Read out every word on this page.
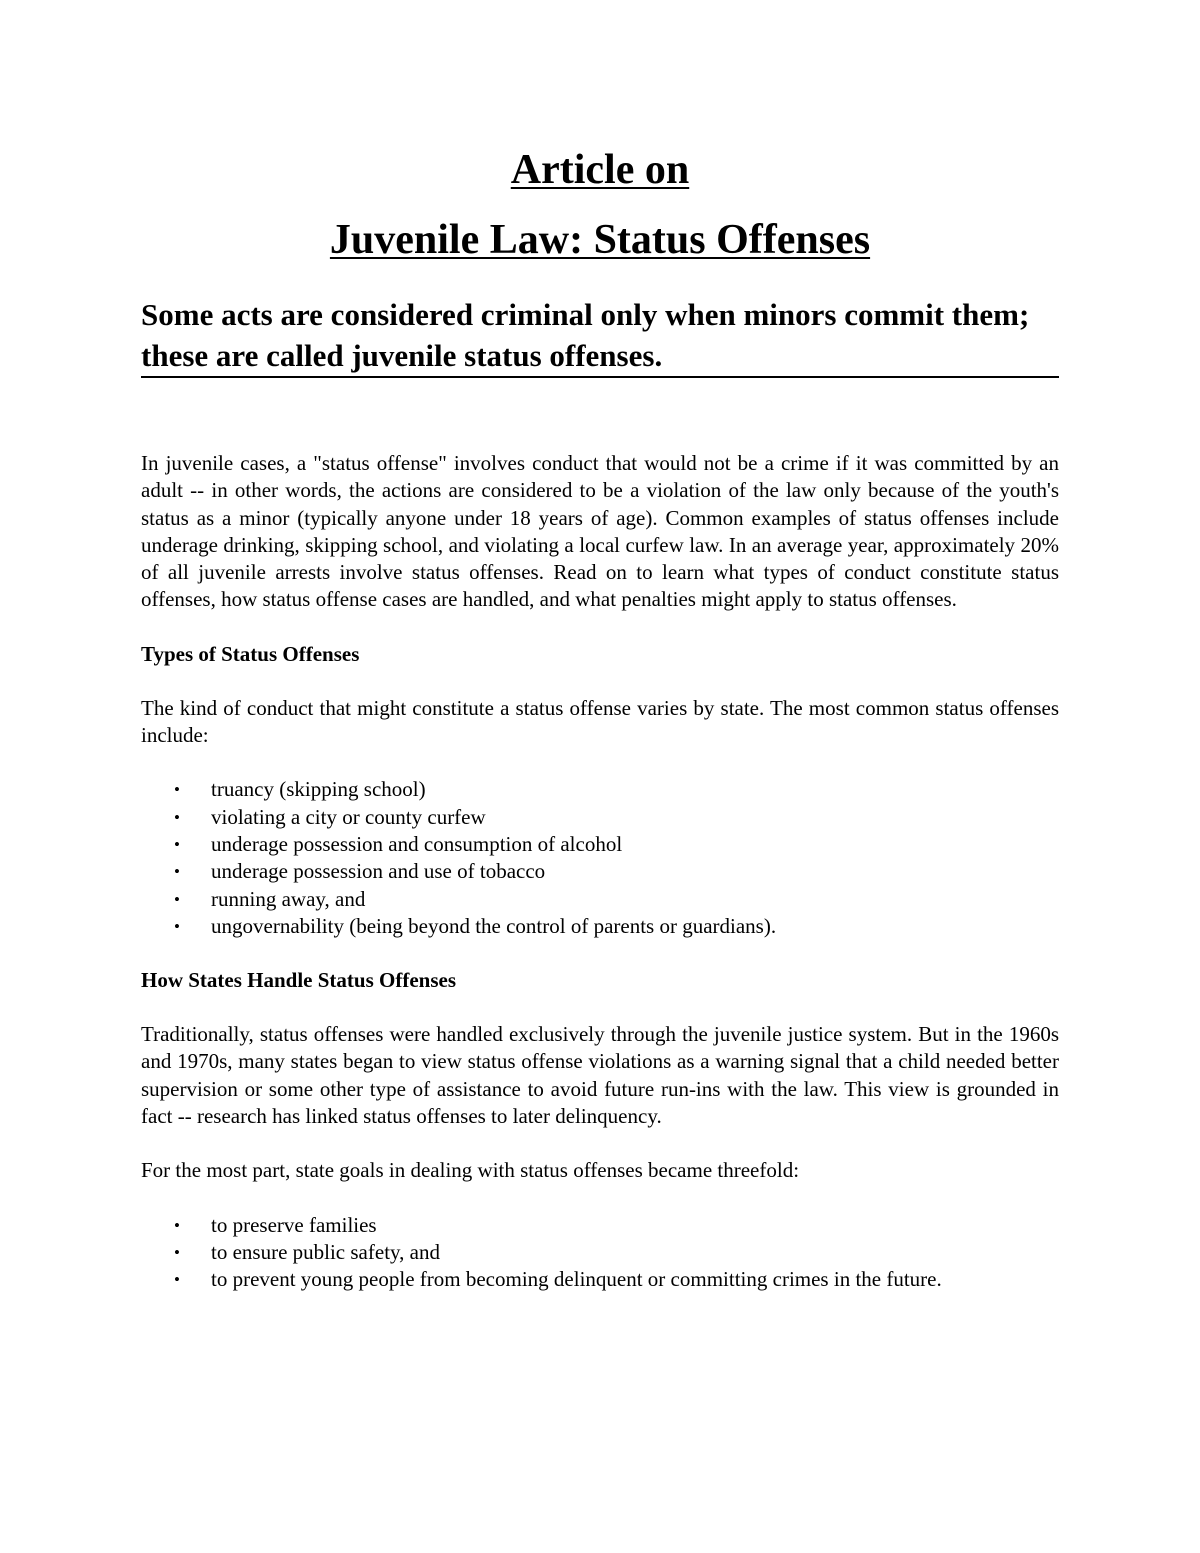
Article on
Juvenile Law: Status Offenses
Some acts are considered criminal only when minors commit them; these are called juvenile status offenses.

In juvenile cases, a "status offense" involves conduct that would not be a crime if it was committed by an adult -- in other words, the actions are considered to be a violation of the law only because of the youth's status as a minor (typically anyone under 18 years of age). Common examples of status offenses include underage drinking, skipping school, and violating a local curfew law. In an average year, approximately 20% of all juvenile arrests involve status offenses. Read on to learn what types of conduct constitute status offenses, how status offense cases are handled, and what penalties might apply to status offenses.

Types of Status Offenses

The kind of conduct that might constitute a status offense varies by state. The most common status offenses include:

• truancy (skipping school)
• violating a city or county curfew
• underage possession and consumption of alcohol
• underage possession and use of tobacco
• running away, and
• ungovernability (being beyond the control of parents or guardians).
How States Handle Status Offenses

Traditionally, status offenses were handled exclusively through the juvenile justice system. But in the 1960s and 1970s, many states began to view status offense violations as a warning signal that a child needed better supervision or some other type of assistance to avoid future run-ins with the law. This view is grounded in fact -- research has linked status offenses to later delinquency.

For the most part, state goals in dealing with status offenses became threefold:

• to preserve families
• to ensure public safety, and
• to prevent young people from becoming delinquent or committing crimes in the future.
